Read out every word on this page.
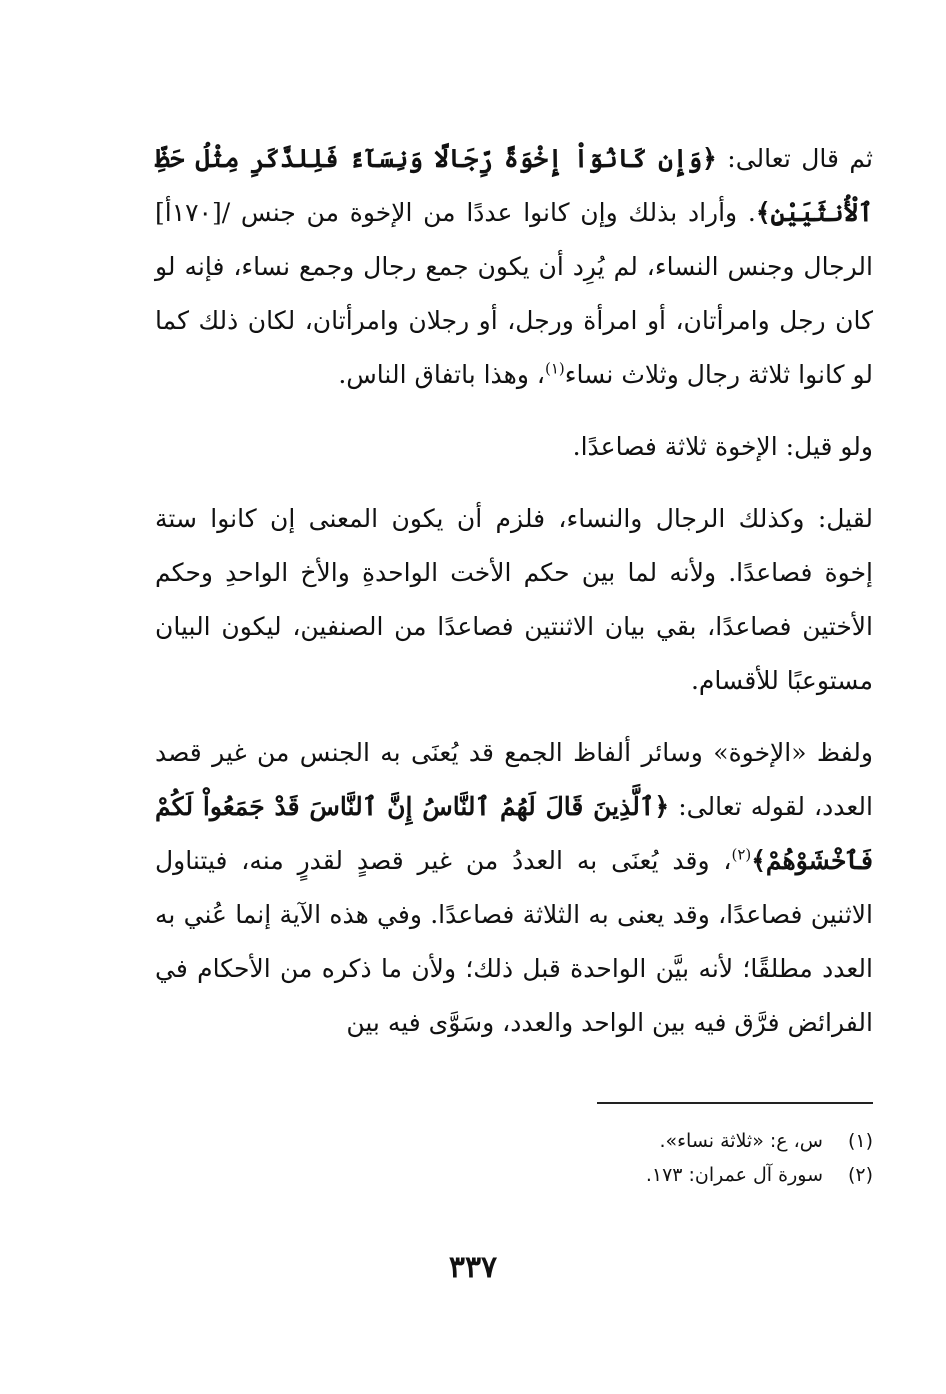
ثم قال تعالى: ﴿وَإِن كَانُوٓاْ إِخْوَةً رِّجَالًا وَنِسَآءً فَلِلذَّكَرِ مِثْلُ حَظِّ ٱلْأُنثَيَيْنِ﴾. وأراد بذلك وإن كانوا عددًا من الإخوة من جنس /[١٧٠أ] الرجال وجنس النساء، لم يُرِد أن يكون جمع رجال وجمع نساء، فإنه لو كان رجل وامرأتان، أو امرأة ورجل، أو رجلان وامرأتان، لكان ذلك كما لو كانوا ثلاثة رجال وثلاث نساء$^{(١)}$، وهذا باتفاق الناس.

ولو قيل: الإخوة ثلاثة فصاعدًا.

لقيل: وكذلك الرجال والنساء، فلزم أن يكون المعنى إن كانوا ستة إخوة فصاعدًا. ولأنه لما بين حكم الأخت الواحدةِ والأخ الواحدِ وحكم الأختين فصاعدًا، بقي بيان الاثنتين فصاعدًا من الصنفين، ليكون البيان مستوعبًا للأقسام.

ولفظ «الإخوة» وسائر ألفاظ الجمع قد يُعنَى به الجنس من غير قصد العدد، لقوله تعالى: ﴿ٱلَّذِينَ قَالَ لَهُمُ ٱلنَّاسُ إِنَّ ٱلنَّاسَ قَدْ جَمَعُواْ لَكُمْ فَٱخْشَوْهُمْ﴾$^{(٢)}$، وقد يُعنَى به العددُ من غير قصدٍ لقدرٍ منه، فيتناول الاثنين فصاعدًا، وقد يعنى به الثلاثة فصاعدًا. وفي هذه الآية إنما عُني به العدد مطلقًا؛ لأنه بيَّن الواحدة قبل ذلك؛ ولأن ما ذكره من الأحكام في الفرائض فرَّق فيه بين الواحد والعدد، وسَوَّى فيه بين

(١)س، ع: «ثلاثة نساء».
(٢)سورة آل عمران: ١٧٣.
٣٣٧
